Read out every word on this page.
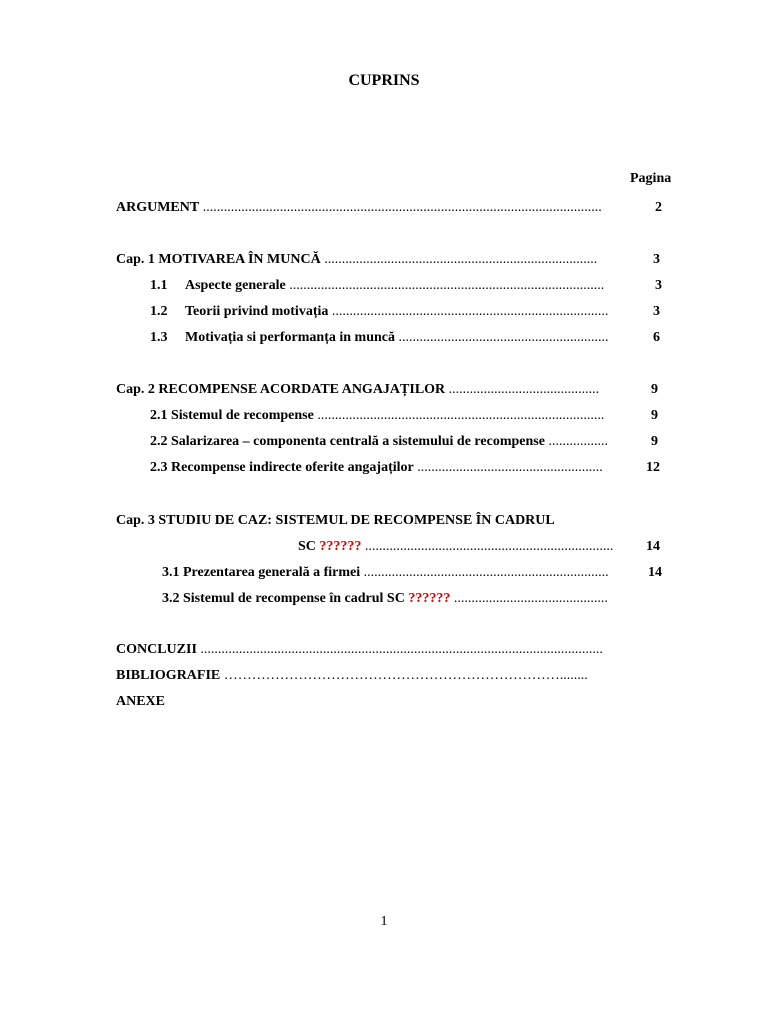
CUPRINS
Pagina
ARGUMENT ..................................................................................................................	2
Cap. 1 MOTIVAREA ÎN MUNCĂ ..............................................................................	3
1.1 Aspecte generale ..........................................................................................	3
1.2 Teorii privind motivația ...............................................................................	3
1.3 Motivația si performanța in muncă ............................................................	6
Cap. 2 RECOMPENSE ACORDATE ANGAJAȚILOR ...........................................	9
2.1 Sistemul de recompense ..................................................................................	9
2.2 Salarizarea – componenta centrală a sistemului de recompense .................	9
2.3 Recompense indirecte oferite angajaților .....................................................	12
Cap. 3 STUDIU DE CAZ: SISTEMUL DE RECOMPENSE ÎN CADRUL
SC ?????? .......................................................................	14
3.1 Prezentarea generală a firmei ......................................................................	14
3.2 Sistemul de recompense în cadrul SC ?????? ............................................
CONCLUZII ...................................................................................................................
BIBLIOGRAFIE ………………………………………………………………........
ANEXE
1
